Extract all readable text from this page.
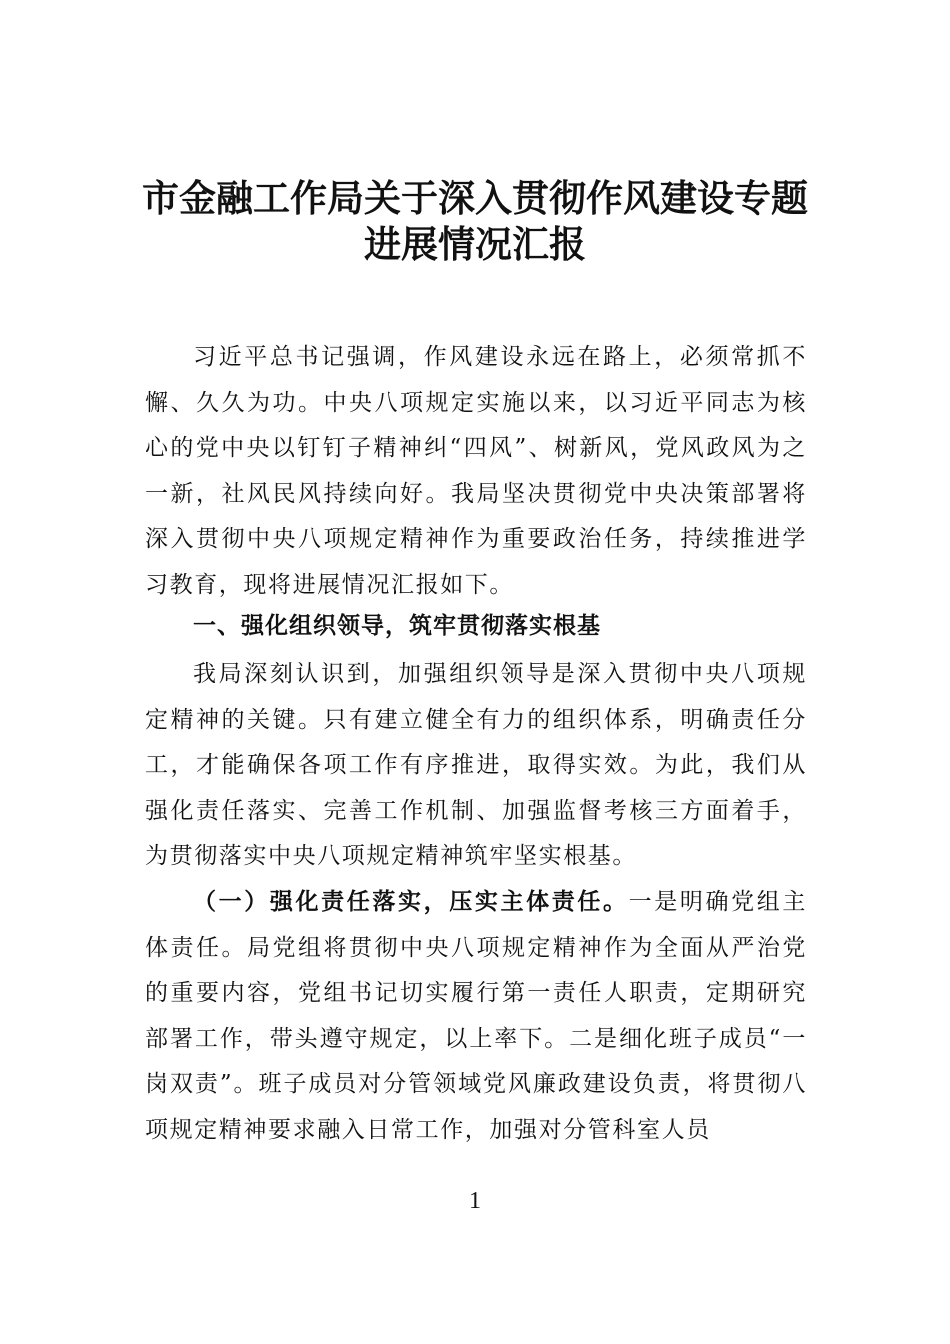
市金融工作局关于深入贯彻作风建设专题
进展情况汇报

习近平总书记强调，作风建设永远在路上，必须常抓不懈、久久为功。中央八项规定实施以来，以习近平同志为核心的党中央以钉钉子精神纠“四风”、树新风，党风政风为之一新，社风民风持续向好。我局坚决贯彻党中央决策部署将深入贯彻中央八项规定精神作为重要政治任务，持续推进学习教育，现将进展情况汇报如下。

一、强化组织领导，筑牢贯彻落实根基

我局深刻认识到，加强组织领导是深入贯彻中央八项规定精神的关键。只有建立健全有力的组织体系，明确责任分工，才能确保各项工作有序推进，取得实效。为此，我们从强化责任落实、完善工作机制、加强监督考核三方面着手，为贯彻落实中央八项规定精神筑牢坚实根基。

（一）强化责任落实，压实主体责任。一是明确党组主体责任。局党组将贯彻中央八项规定精神作为全面从严治党的重要内容，党组书记切实履行第一责任人职责，定期研究部署工作，带头遵守规定，以上率下。二是细化班子成员“一岗双责”。班子成员对分管领域党风廉政建设负责，将贯彻八项规定精神要求融入日常工作，加强对分管科室人员

1
